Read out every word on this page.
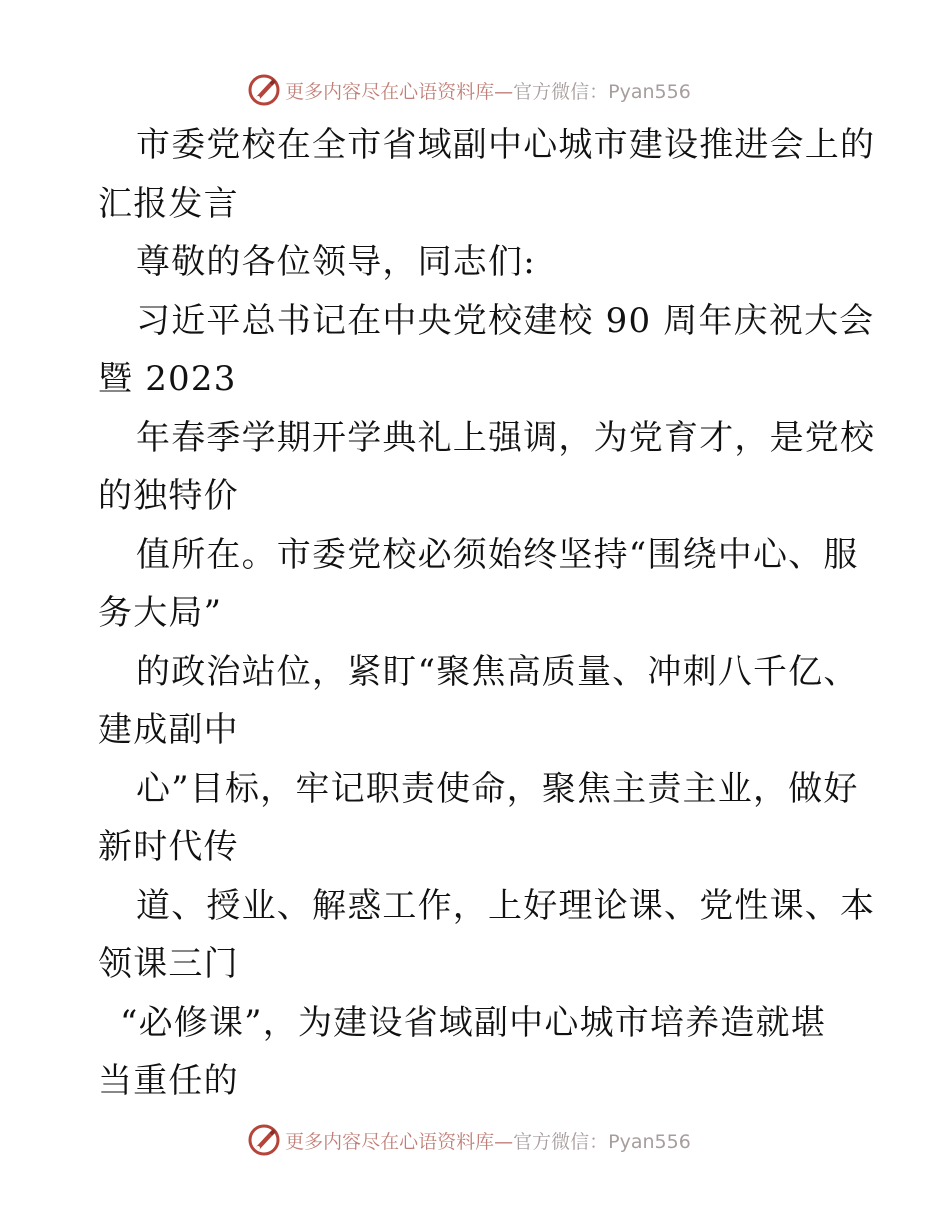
更多内容尽在心语资料库—官方微信：Pyan556
市委党校在全市省域副中心城市建设推进会上的
汇报发言
尊敬的各位领导，同志们:
习近平总书记在中央党校建校 90 周年庆祝大会
暨 2023
年春季学期开学典礼上强调，为党育才，是党校
的独特价
值所在。市委党校必须始终坚持“围绕中心、服
务大局”
的政治站位，紧盯“聚焦高质量、冲刺八千亿、
建成副中
心”目标，牢记职责使命，聚焦主责主业，做好
新时代传
道、授业、解惑工作，上好理论课、党性课、本
领课三门
“必修课”，为建设省域副中心城市培养造就堪
当重任的
更多内容尽在心语资料库—官方微信：Pyan556
